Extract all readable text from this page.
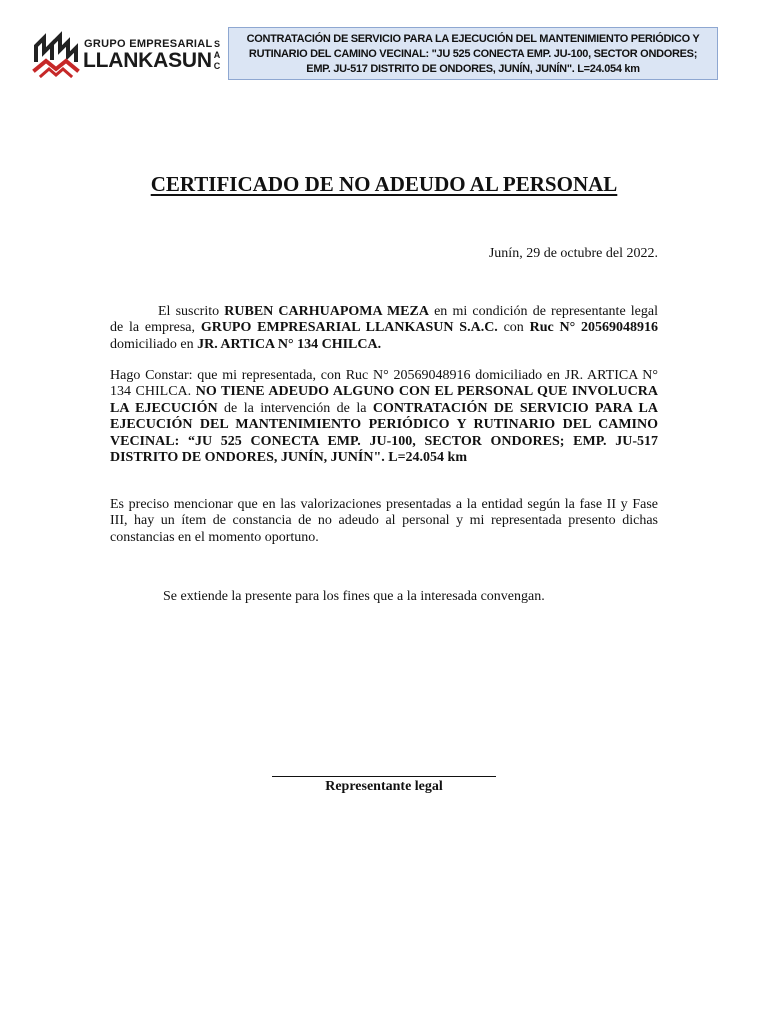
GRUPO EMPRESARIAL
LLANKASUN
S
A
C
CONTRATACIÓN DE SERVICIO PARA LA EJECUCIÓN DEL MANTENIMIENTO PERIÓDICO Y
RUTINARIO DEL CAMINO VECINAL: "JU 525 CONECTA EMP. JU-100, SECTOR ONDORES;
EMP. JU-517 DISTRITO DE ONDORES, JUNÍN, JUNÍN". L=24.054 km
CERTIFICADO DE NO ADEUDO AL PERSONAL
Junín, 29 de octubre del 2022.
El suscrito RUBEN CARHUAPOMA MEZA en mi condición de representante legal de la empresa, GRUPO EMPRESARIAL LLANKASUN S.A.C. con Ruc N° 20569048916 domiciliado en JR. ARTICA N° 134 CHILCA.
Hago Constar: que mi representada, con Ruc N° 20569048916 domiciliado en JR. ARTICA N° 134 CHILCA. NO TIENE ADEUDO ALGUNO CON EL PERSONAL QUE INVOLUCRA LA EJECUCIÓN de la intervención de la CONTRATACIÓN DE SERVICIO PARA LA EJECUCIÓN DEL MANTENIMIENTO PERIÓDICO Y RUTINARIO DEL CAMINO VECINAL: “JU 525 CONECTA EMP. JU-100, SECTOR ONDORES; EMP. JU-517 DISTRITO DE ONDORES, JUNÍN, JUNÍN". L=24.054 km
Es preciso mencionar que en las valorizaciones presentadas a la entidad según la fase II y Fase III, hay un ítem de constancia de no adeudo al personal y mi representada presento dichas constancias en el momento oportuno.
Se extiende la presente para los fines que a la interesada convengan.
Representante legal
